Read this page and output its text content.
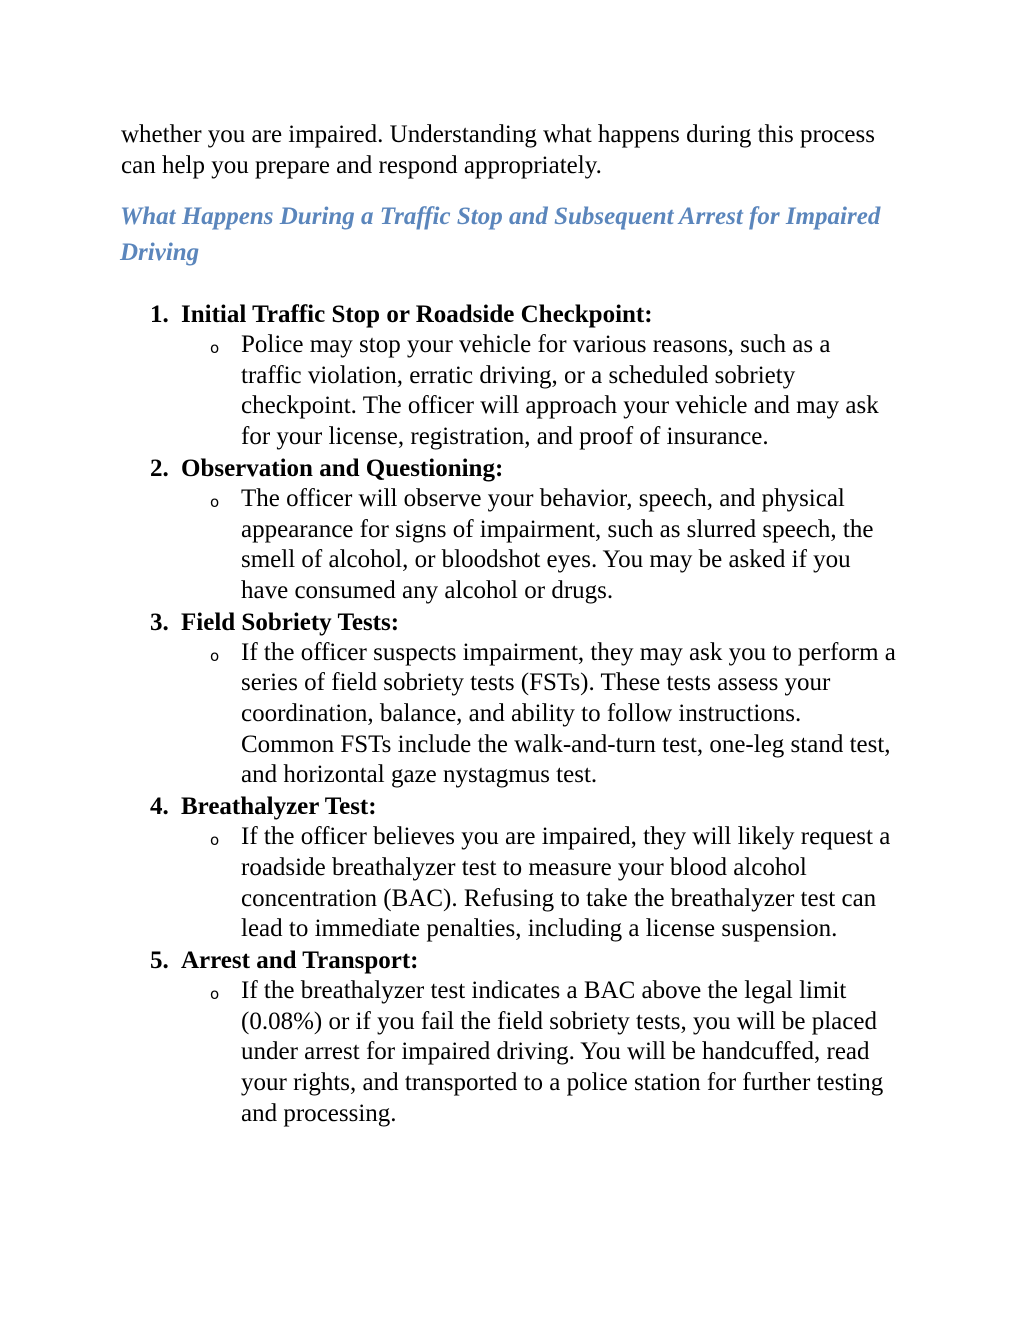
whether you are impaired. Understanding what happens during this process can help you prepare and respond appropriately.

What Happens During a Traffic Stop and Subsequent Arrest for Impaired Driving
1. Initial Traffic Stop or Roadside Checkpoint:
o Police may stop your vehicle for various reasons, such as a traffic violation, erratic driving, or a scheduled sobriety checkpoint. The officer will approach your vehicle and may ask for your license, registration, and proof of insurance.

2. Observation and Questioning:
o The officer will observe your behavior, speech, and physical appearance for signs of impairment, such as slurred speech, the smell of alcohol, or bloodshot eyes. You may be asked if you have consumed any alcohol or drugs.

3. Field Sobriety Tests:
o If the officer suspects impairment, they may ask you to perform a series of field sobriety tests (FSTs). These tests assess your coordination, balance, and ability to follow instructions. Common FSTs include the walk-and-turn test, one-leg stand test, and horizontal gaze nystagmus test.

4. Breathalyzer Test:
o If the officer believes you are impaired, they will likely request a roadside breathalyzer test to measure your blood alcohol concentration (BAC). Refusing to take the breathalyzer test can lead to immediate penalties, including a license suspension.

5. Arrest and Transport:
o If the breathalyzer test indicates a BAC above the legal limit (0.08%) or if you fail the field sobriety tests, you will be placed under arrest for impaired driving. You will be handcuffed, read your rights, and transported to a police station for further testing and processing.
